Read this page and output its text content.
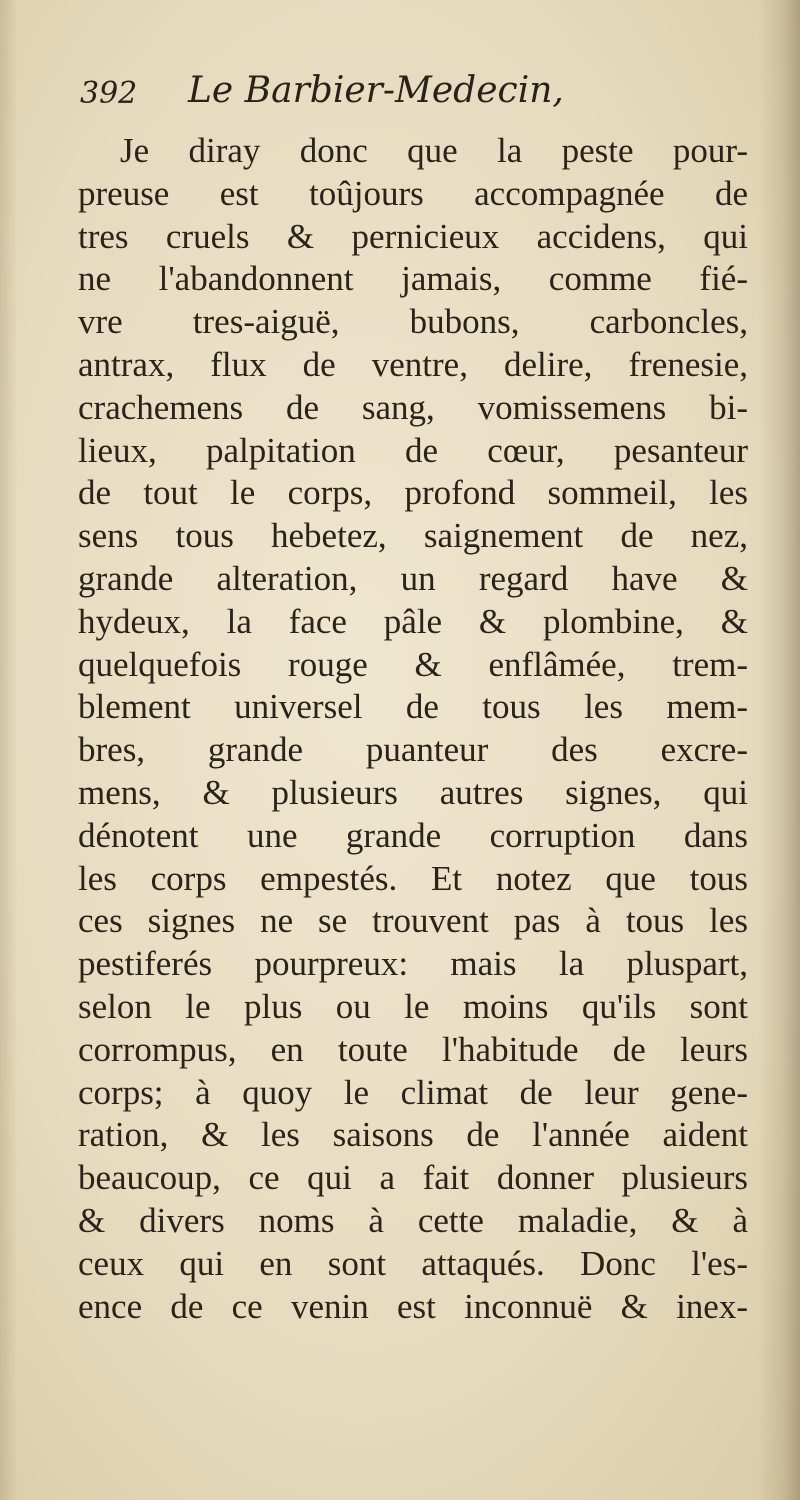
392 Le Barbier-Medecin,
Je diray donc que la peste pour-
preuse est toûjours accompagnée de
tres cruels & pernicieux accidens, qui
ne l'abandonnent jamais, comme fié-
vre tres-aiguë, bubons, carboncles,
antrax, flux de ventre, delire, frenesie,
crachemens de sang, vomissemens bi-
lieux, palpitation de cœur, pesanteur
de tout le corps, profond sommeil, les
sens tous hebetez, saignement de nez,
grande alteration, un regard have &
hydeux, la face pâle & plombine, &
quelquefois rouge & enflâmée, trem-
blement universel de tous les mem-
bres, grande puanteur des excre-
mens, & plusieurs autres signes, qui
dénotent une grande corruption dans
les corps empestés. Et notez que tous
ces signes ne se trouvent pas à tous les
pestiferés pourpreux: mais la pluspart,
selon le plus ou le moins qu'ils sont
corrompus, en toute l'habitude de leurs
corps; à quoy le climat de leur gene-
ration, & les saisons de l'année aident
beaucoup, ce qui a fait donner plusieurs
& divers noms à cette maladie, & à
ceux qui en sont attaqués. Donc l'es-
ence de ce venin est inconnuë & inex-
